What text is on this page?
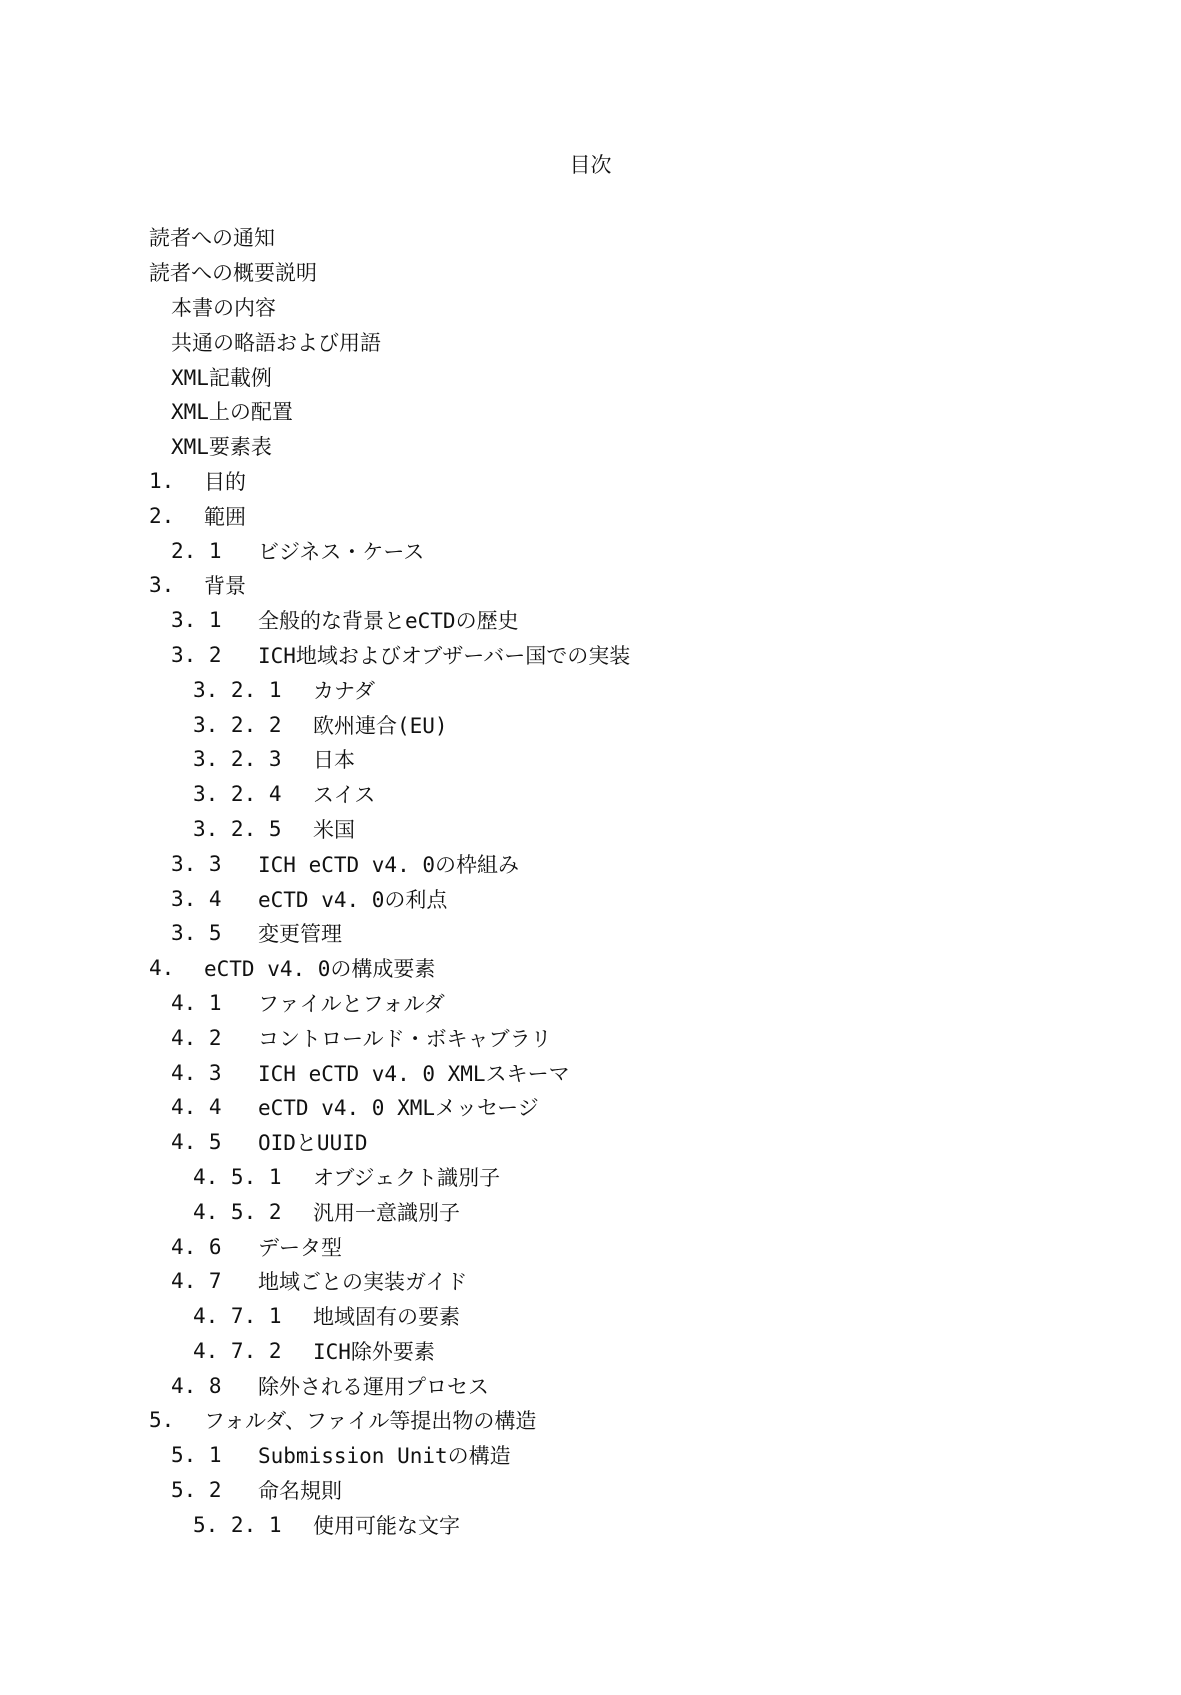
目次
読者への通知
読者への概要説明
本書の内容
共通の略語および用語
XML記載例
XML上の配置
XML要素表
1.	目的
2.	範囲
2. 1	ビジネス・ケース
3.	背景
3. 1	全般的な背景とeCTDの歴史
3. 2	ICH地域およびオブザーバー国での実装
3. 2. 1	カナダ
3. 2. 2	欧州連合(EU)
3. 2. 3	日本
3. 2. 4	スイス
3. 2. 5	米国
3. 3	ICH eCTD v4. 0の枠組み
3. 4	eCTD v4. 0の利点
3. 5	変更管理
4.	eCTD v4. 0の構成要素
4. 1	ファイルとフォルダ
4. 2	コントロールド・ボキャブラリ
4. 3	ICH eCTD v4. 0 XMLスキーマ
4. 4	eCTD v4. 0 XMLメッセージ
4. 5	OIDとUUID
4. 5. 1	オブジェクト識別子
4. 5. 2	汎用一意識別子
4. 6	データ型
4. 7	地域ごとの実装ガイド
4. 7. 1	地域固有の要素
4. 7. 2	ICH除外要素
4. 8	除外される運用プロセス
5.	フォルダ、ファイル等提出物の構造
5. 1	Submission Unitの構造
5. 2	命名規則
5. 2. 1	使用可能な文字
